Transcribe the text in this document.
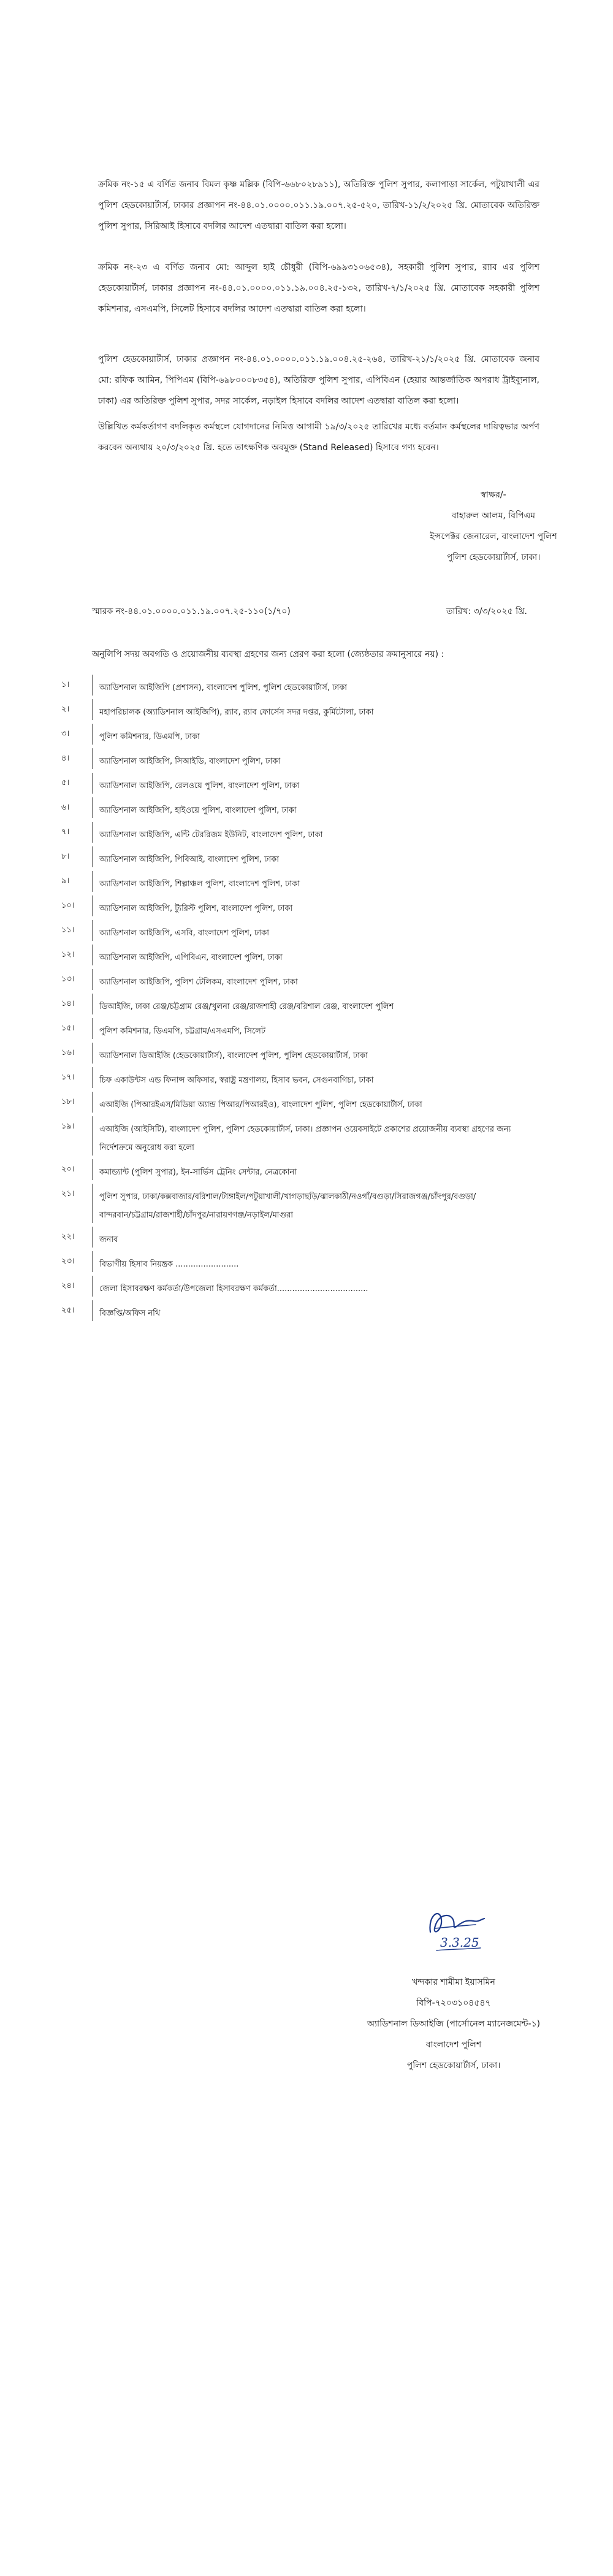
ক্রমিক নং-১৫ এ বর্ণিত জনাব বিমল কৃষ্ণ মল্লিক (বিপি-৬৬৮০২৮৯১১), অতিরিক্ত পুলিশ সুপার, কলাপাড়া সার্কেল, পটুয়াখালী এর পুলিশ হেডকোয়ার্টার্স, ঢাকার প্রজ্ঞাপন নং-৪৪.০১.০০০০.০১১.১৯.০০৭.২৫-৫২০, তারিখ-১১/২/২০২৫ খ্রি. মোতাবেক অতিরিক্ত পুলিশ সুপার, সিরিআই হিসাবে বদলির আদেশ এতদ্বারা বাতিল করা হলো।

ক্রমিক নং-২৩ এ বর্ণিত জনাব মো: আব্দুল হাই চৌধুরী (বিপি-৬৯৯৩১০৬৫৩৪), সহকারী পুলিশ সুপার, র‌্যাব এর পুলিশ হেডকোয়ার্টার্স, ঢাকার প্রজ্ঞাপন নং-৪৪.০১.০০০০.০১১.১৯.০০৪.২৫-১৩২, তারিখ-৭/১/২০২৫ খ্রি. মোতাবেক সহকারী পুলিশ কমিশনার, এসএমপি, সিলেট হিসাবে বদলির আদেশ এতদ্বারা বাতিল করা হলো।

পুলিশ হেডকোয়ার্টার্স, ঢাকার প্রজ্ঞাপন নং-৪৪.০১.০০০০.০১১.১৯.০০৪.২৫-২৬৪, তারিখ-২১/১/২০২৫ খ্রি. মোতাবেক জনাব মো: রফিক আমিন, পিপিএম (বিপি-৬৯৮০০০৮৩৫৪), অতিরিক্ত পুলিশ সুপার, এপিবিএন (হেয়ার আন্তর্জাতিক অপরাধ ট্রাইব্যুনাল, ঢাকা) এর অতিরিক্ত পুলিশ সুপার, সদর সার্কেল, নড়াইল হিসাবে বদলির আদেশ এতদ্বারা বাতিল করা হলো।

উল্লিখিত কর্মকর্তাগণ বদলিকৃত কর্মস্থলে যোগদানের নিমিত্ত আগামী ১৯/৩/২০২৫ তারিখের মধ্যে বর্তমান কর্মস্থলের দায়িত্বভার অর্পণ করবেন অন্যথায় ২০/৩/২০২৫ খ্রি. হতে তাৎক্ষণিক অবমুক্ত (Stand Released) হিসাবে গণ্য হবেন।

স্বাক্ষর/-
বাহারুল আলম, বিপিএম
ইন্সপেক্টর জেনারেল, বাংলাদেশ পুলিশ
পুলিশ হেডকোয়ার্টার্স, ঢাকা।
স্মারক নং-৪৪.০১.০০০০.০১১.১৯.০০৭.২৫-১১০(১/৭০)	তারিখ: ৩/৩/২০২৫ খ্রি.
অনুলিপি সদয় অবগতি ও প্রয়োজনীয় ব্যবস্থা গ্রহণের জন্য প্রেরণ করা হলো (জ্যেষ্ঠতার ক্রমানুসারে নয়) :
১।	অ্যাডিশনাল আইজিপি (প্রশাসন), বাংলাদেশ পুলিশ, পুলিশ হেডকোয়ার্টার্স, ঢাকা
২।	মহাপরিচালক (অ্যাডিশনাল আইজিপি), র‌্যাব, র‌্যাব ফোর্সেস সদর দপ্তর, কুর্মিটোলা, ঢাকা
৩।	পুলিশ কমিশনার, ডিএমপি, ঢাকা
৪।	অ্যাডিশনাল আইজিপি, সিআইডি, বাংলাদেশ পুলিশ, ঢাকা
৫।	অ্যাডিশনাল আইজিপি, রেলওয়ে পুলিশ, বাংলাদেশ পুলিশ, ঢাকা
৬।	অ্যাডিশনাল আইজিপি, হাইওয়ে পুলিশ, বাংলাদেশ পুলিশ, ঢাকা
৭।	অ্যাডিশনাল আইজিপি, এন্টি টেররিজম ইউনিট, বাংলাদেশ পুলিশ, ঢাকা
৮।	অ্যাডিশনাল আইজিপি, পিবিআই, বাংলাদেশ পুলিশ, ঢাকা
৯।	অ্যাডিশনাল আইজিপি, শিল্পাঞ্চল পুলিশ, বাংলাদেশ পুলিশ, ঢাকা
১০।	অ্যাডিশনাল আইজিপি, ট্যুরিস্ট পুলিশ, বাংলাদেশ পুলিশ, ঢাকা
১১।	অ্যাডিশনাল আইজিপি, এসবি, বাংলাদেশ পুলিশ, ঢাকা
১২।	অ্যাডিশনাল আইজিপি, এপিবিএন, বাংলাদেশ পুলিশ, ঢাকা
১৩।	অ্যাডিশনাল আইজিপি, পুলিশ টেলিকম, বাংলাদেশ পুলিশ, ঢাকা
১৪।	ডিআইজি, ঢাকা রেঞ্জ/চট্টগ্রাম রেঞ্জ/খুলনা রেঞ্জ/রাজশাহী রেঞ্জ/বরিশাল রেঞ্জ, বাংলাদেশ পুলিশ
১৫।	পুলিশ কমিশনার, ডিএমপি, চট্টগ্রাম/এসএমপি, সিলেট
১৬।	অ্যাডিশনাল ডিআইজি (হেডকোয়ার্টার্স), বাংলাদেশ পুলিশ, পুলিশ হেডকোয়ার্টার্স, ঢাকা
১৭।	চিফ একাউন্টস এন্ড ফিনান্স অফিসার, স্বরাষ্ট্র মন্ত্রণালয়, হিসাব ভবন, সেগুনবাগিচা, ঢাকা
১৮।	এআইজি (পিআরইএস/মিডিয়া অ্যান্ড পিআর/পিআরইও), বাংলাদেশ পুলিশ, পুলিশ হেডকোয়ার্টার্স, ঢাকা
১৯।	এআইজি (আইসিটি), বাংলাদেশ পুলিশ, পুলিশ হেডকোয়ার্টার্স, ঢাকা। প্রজ্ঞাপন ওয়েবসাইটে প্রকাশের প্রয়োজনীয় ব্যবস্থা গ্রহণের জন্য
নির্দেশক্রমে অনুরোধ করা হলো
২০।	কমান্ড্যান্ট (পুলিশ সুপার), ইন-সার্ভিস ট্রেনিং সেন্টার, নেত্রকোনা
২১।	পুলিশ সুপার, ঢাকা/কক্সবাজার/বরিশাল/টাঙ্গাইল/পটুয়াখালী/খাগড়াছড়ি/ঝালকাঠী/নওগাঁ/বগুড়া/সিরাজগঞ্জ/চাঁদপুর/বগুড়া/
বান্দরবান/চট্টগ্রাম/রাজশাহী/চাঁদপুর/নারায়ণগঞ্জ/নড়াইল/মাগুরা
২২।	জনাব
২৩।	বিভাগীয় হিসাব নিয়ন্ত্রক .........................
২৪।	জেলা হিসাবরক্ষণ কর্মকর্তা/উপজেলা হিসাবরক্ষণ কর্মকর্তা....................................
২৫।	বিজ্ঞপ্তি/অফিস নথি
3.3.25
খন্দকার শামীমা ইয়াসমিন
বিপি-৭২০৩১০৪৫৪৭
অ্যাডিশনাল ডিআইজি (পার্সোনেল ম্যানেজমেন্ট-১)
বাংলাদেশ পুলিশ
পুলিশ হেডকোয়ার্টার্স, ঢাকা।
